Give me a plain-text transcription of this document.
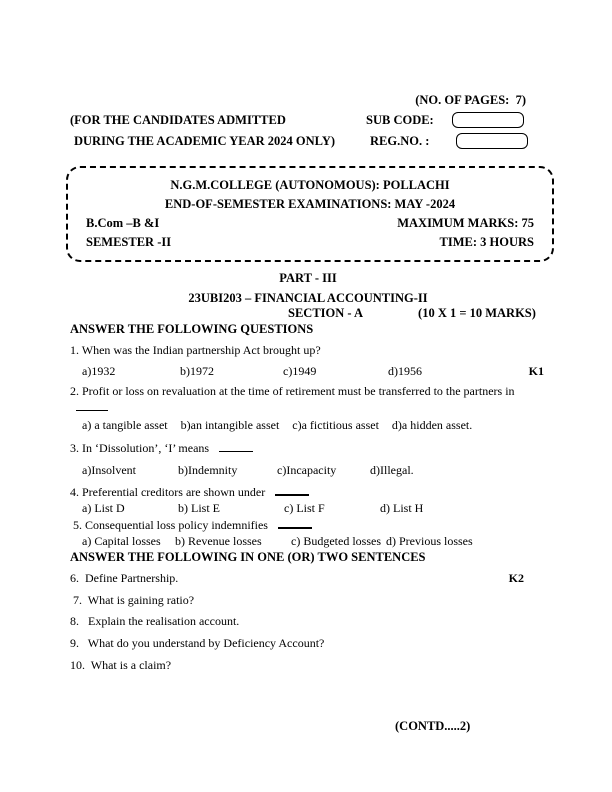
(NO. OF PAGES:  7)
(FOR THE CANDIDATES ADMITTED	SUB CODE:
DURING THE ACADEMIC YEAR 2024 ONLY)	REG.NO. :
N.G.M.COLLEGE (AUTONOMOUS): POLLACHI
END-OF-SEMESTER EXAMINATIONS: MAY -2024
B.Com –B &I	MAXIMUM MARKS: 75
SEMESTER -II	TIME: 3 HOURS
PART - III
23UBI203 – FINANCIAL ACCOUNTING-II
SECTION - A	(10 X 1 = 10 MARKS)
ANSWER THE FOLLOWING QUESTIONS
1. When was the Indian partnership Act brought up?
a)1932	b)1972	c)1949	d)1956	K1
2. Profit or loss on revaluation at the time of retirement must be transferred to the partners in
a) a tangible asset b)an intangible asset c)a fictitious asset d)a hidden asset.
3. In ‘Dissolution’, ‘I’ means
a)Insolvent	b)Indemnity	c)Incapacity	d)Illegal.
4. Preferential creditors are shown under
a) List D	b) List E	c) List F	d) List H
5. Consequential loss policy indemnifies
a) Capital losses	b) Revenue losses	c) Budgeted losses d) Previous losses
ANSWER THE FOLLOWING IN ONE (OR) TWO SENTENCES
6.  Define Partnership.	K2
7.  What is gaining ratio?
8.   Explain the realisation account.
9.   What do you understand by Deficiency Account?
10.  What is a claim?
(CONTD.....2)
